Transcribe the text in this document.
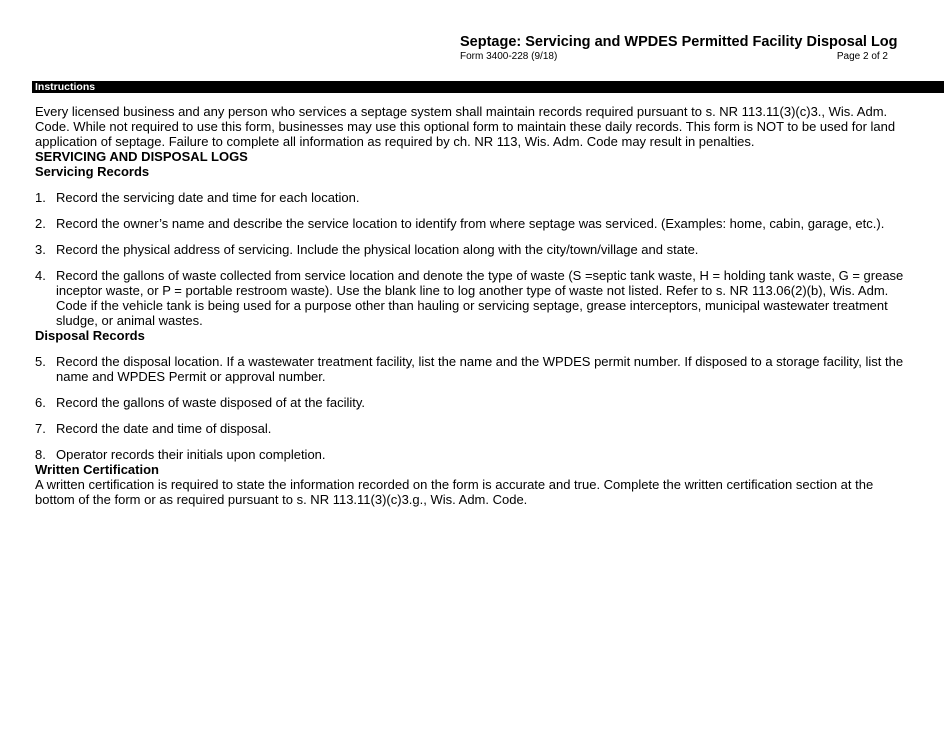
Septage: Servicing and WPDES Permitted Facility Disposal Log
Form 3400-228 (9/18)	Page 2 of 2
Instructions

Every licensed business and any person who services a septage system shall maintain records required pursuant to s. NR 113.11(3)(c)3., Wis. Adm. Code. While not required to use this form, businesses may use this optional form to maintain these daily records. This form is NOT to be used for land application of septage. Failure to complete all information as required by ch. NR 113, Wis. Adm. Code may result in penalties.

SERVICING AND DISPOSAL LOGS

Servicing Records

1. Record the servicing date and time for each location.
2. Record the owner’s name and describe the service location to identify from where septage was serviced. (Examples: home, cabin, garage, etc.).
3. Record the physical address of servicing. Include the physical location along with the city/town/village and state.
4. Record the gallons of waste collected from service location and denote the type of waste (S =septic tank waste, H = holding tank waste, G = grease inceptor waste, or P = portable restroom waste). Use the blank line to log another type of waste not listed. Refer to s. NR 113.06(2)(b), Wis. Adm. Code if the vehicle tank is being used for a purpose other than hauling or servicing septage, grease interceptors, municipal wastewater treatment sludge, or animal wastes.

Disposal Records

5. Record the disposal location. If a wastewater treatment facility, list the name and the WPDES permit number. If disposed to a storage facility, list the name and WPDES Permit or approval number.
6. Record the gallons of waste disposed of at the facility.
7. Record the date and time of disposal.
8. Operator records their initials upon completion.

Written Certification

A written certification is required to state the information recorded on the form is accurate and true. Complete the written certification section at the bottom of the form or as required pursuant to s. NR 113.11(3)(c)3.g., Wis. Adm. Code.
